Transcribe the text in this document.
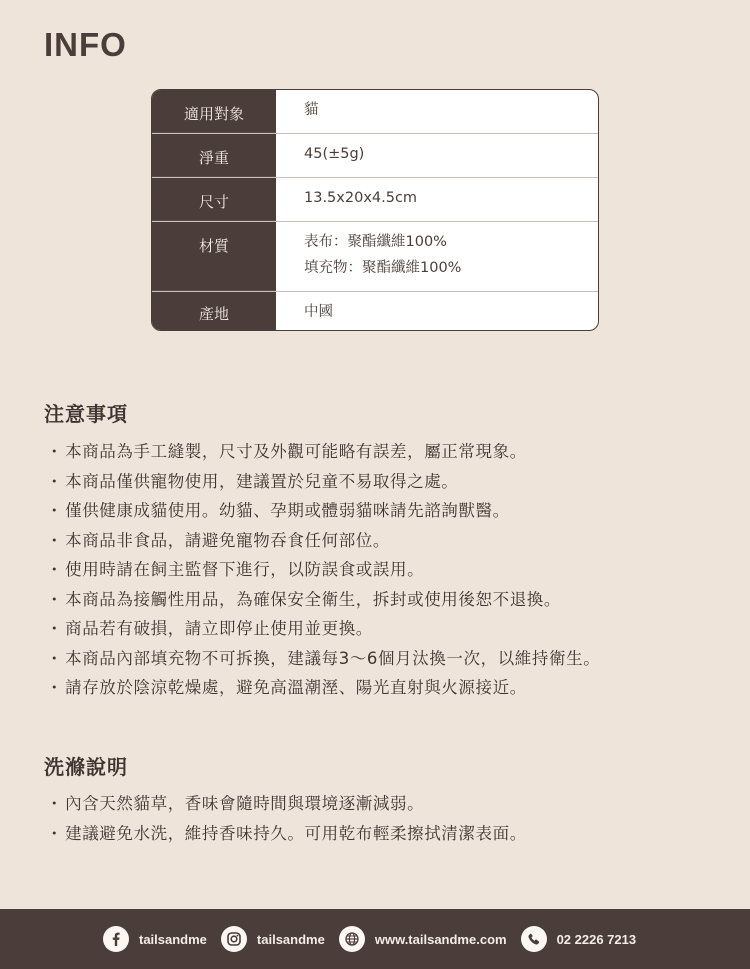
INFO
適用對象	貓
淨重	45(±5g)
尺寸	13.5x20x4.5cm
材質	表布：聚酯纖維100%
填充物：聚酯纖維100%
產地	中國
注意事項
・ 本商品為手工縫製，尺寸及外觀可能略有誤差，屬正常現象。
・ 本商品僅供寵物使用，建議置於兒童不易取得之處。
・ 僅供健康成貓使用。幼貓、孕期或體弱貓咪請先諮詢獸醫。
・ 本商品非食品，請避免寵物吞食任何部位。
・ 使用時請在飼主監督下進行，以防誤食或誤用。
・ 本商品為接觸性用品，為確保安全衛生，拆封或使用後恕不退換。
・ 商品若有破損，請立即停止使用並更換。
・ 本商品內部填充物不可拆換，建議每3～6個月汰換一次，以維持衛生。
・ 請存放於陰涼乾燥處，避免高溫潮溼、陽光直射與火源接近。
洗滌說明
・ 內含天然貓草，香味會隨時間與環境逐漸減弱。
・ 建議避免水洗，維持香味持久。可用乾布輕柔擦拭清潔表面。
tailsandme	tailsandme	www.tailsandme.com	02 2226 7213
